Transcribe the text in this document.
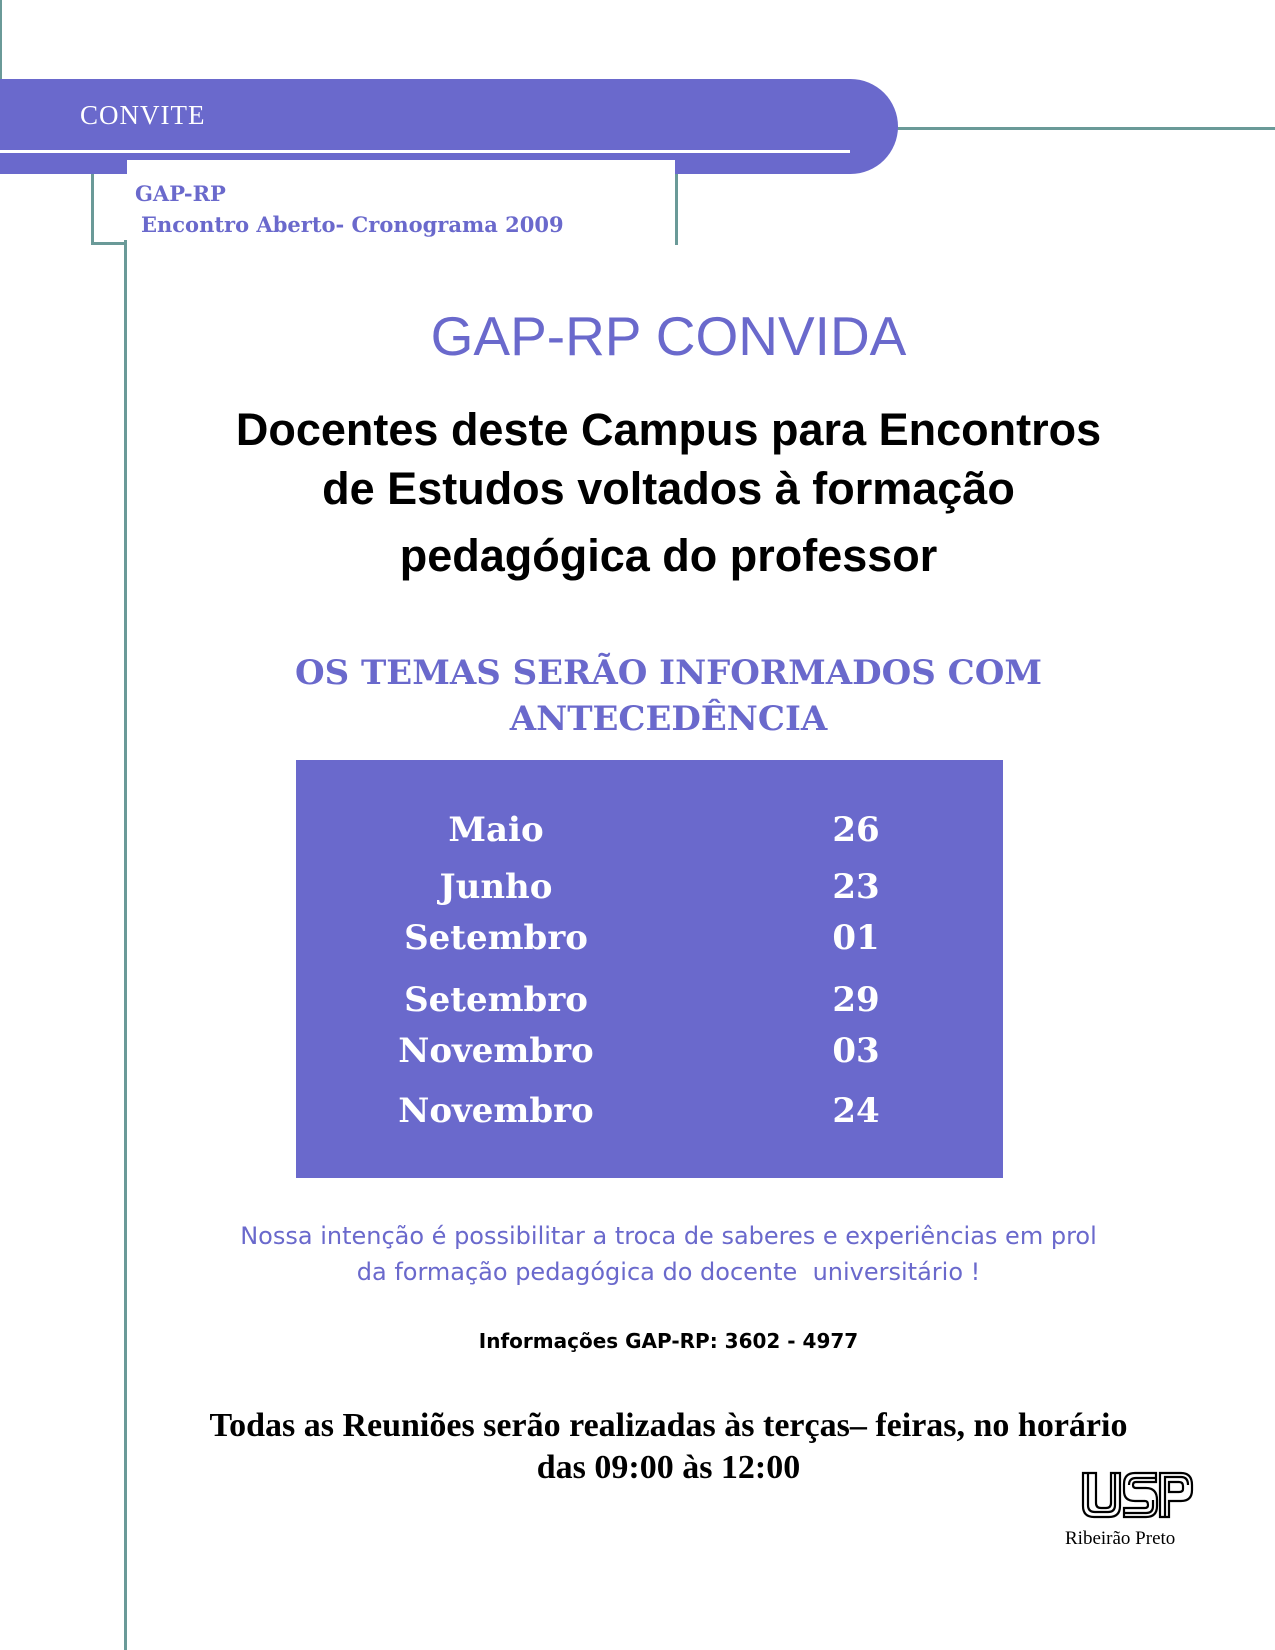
CONVITE
GAP-RP
Encontro Aberto- Cronograma 2009
GAP-RP CONVIDA
Docentes deste Campus para Encontros
de Estudos voltados à formação
pedagógica do professor
OS TEMAS SERÃO INFORMADOS COM
ANTECEDÊNCIA
Maio	26
Junho	23
Setembro	01
Setembro	29
Novembro	03
Novembro	24
Nossa intenção é possibilitar a troca de saberes e experiências em prol
da formação pedagógica do docente  universitário !
Informações GAP-RP: 3602 - 4977
Todas as Reuniões serão realizadas às terças– feiras, no horário
das 09:00 às 12:00
Ribeirão Preto
